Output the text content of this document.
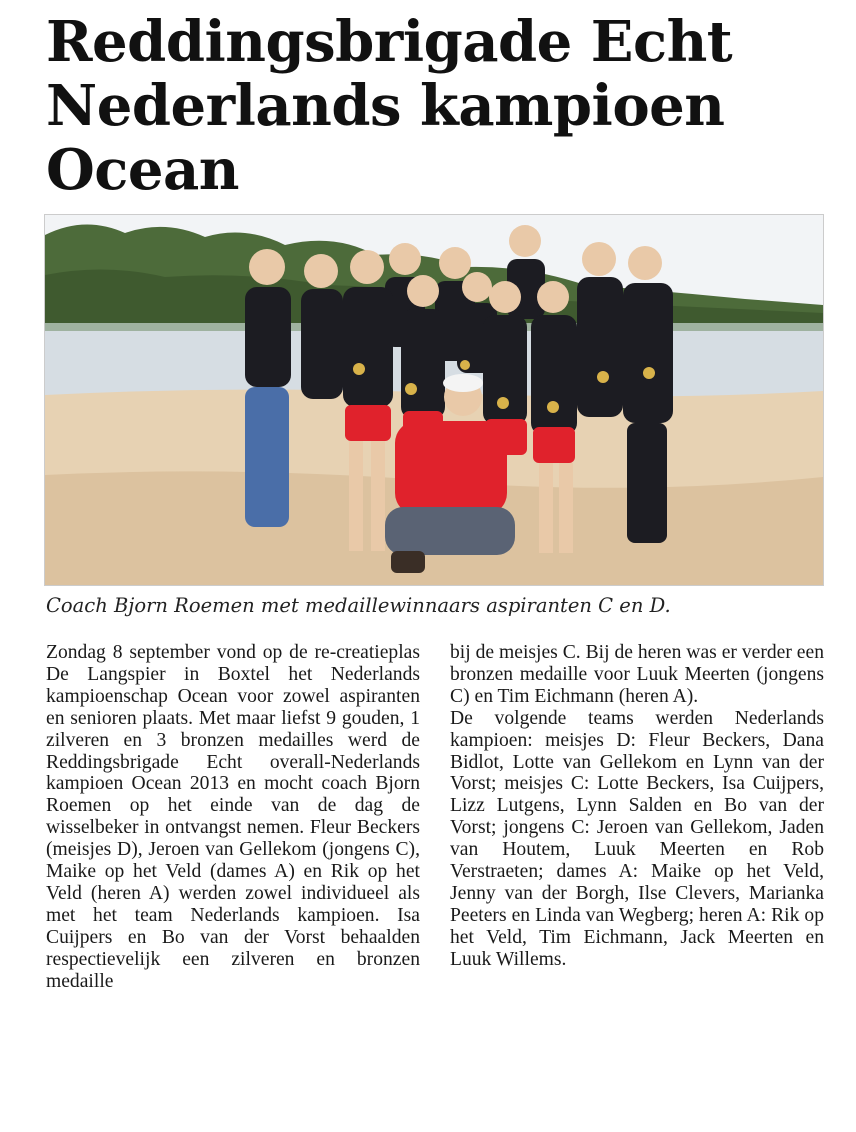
Reddingsbrigade Echt
Nederlands kampioen
Ocean
Coach Bjorn Roemen met medaillewinnaars aspiranten C en D.

Zondag 8 september vond op de re-creatieplas De Langspier in Boxtel het Nederlands kampioenschap Ocean voor zowel aspiranten en senioren plaats. Met maar liefst 9 gouden, 1 zilveren en 3 bronzen medailles werd de Reddingsbrigade Echt overall-Nederlands kampioen Ocean 2013 en mocht coach Bjorn Roemen op het einde van de dag de wisselbeker in ontvangst nemen. Fleur Beckers (meisjes D), Jeroen van Gellekom (jongens C), Maike op het Veld (dames A) en Rik op het Veld (heren A) werden zowel individueel als met het team Nederlands kampioen. Isa Cuijpers en Bo van der Vorst behaalden respectievelijk een zilveren en bronzen medaille

bij de meisjes C. Bij de heren was er verder een bronzen medaille voor Luuk Meerten (jongens C) en Tim Eichmann (heren A).

De volgende teams werden Nederlands kampioen: meisjes D: Fleur Beckers, Dana Bidlot, Lotte van Gellekom en Lynn van der Vorst; meisjes C: Lotte Beckers, Isa Cuijpers, Lizz Lutgens, Lynn Salden en Bo van der Vorst; jongens C: Jeroen van Gellekom, Jaden van Houtem, Luuk Meerten en Rob Verstraeten; dames A: Maike op het Veld, Jenny van der Borgh, Ilse Clevers, Marianka Peeters en Linda van Wegberg; heren A: Rik op het Veld, Tim Eichmann, Jack Meerten en Luuk Willems.
